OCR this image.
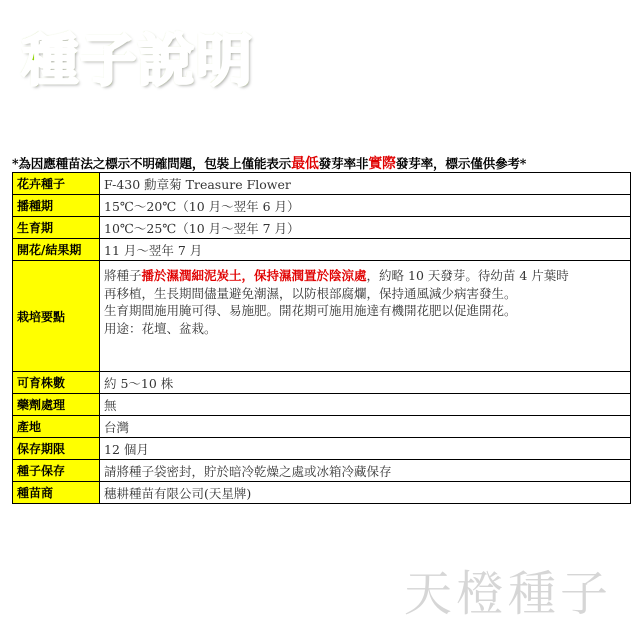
種子說明
*為因應種苗法之標示不明確問題，包裝上僅能表示最低發芽率非實際發芽率，標示僅供參考*
花卉種子	F-430 勳章菊 Treasure Flower
播種期	15℃～20℃（10 月～翌年 6 月）
生育期	10℃～25℃（10 月～翌年 7 月）
開花/結果期	11 月～翌年 7 月
栽培要點	將種子播於濕潤細泥炭土，保持濕潤置於陰涼處，約略 10 天發芽。待幼苗 4 片葉時
再移植，生長期間儘量避免潮濕，以防根部腐爛，保持通風減少病害發生。
生育期間施用腌可得、易施肥。開花期可施用施達有機開花肥以促進開花。
用途：花壇、盆栽。

可育株數	約 5～10 株
藥劑處理	無
產地	台灣
保存期限	12 個月
種子保存	請將種子袋密封，貯於暗冷乾燥之處或冰箱冷藏保存
種苗商	穗耕種苗有限公司(天星牌)
天橙種子
